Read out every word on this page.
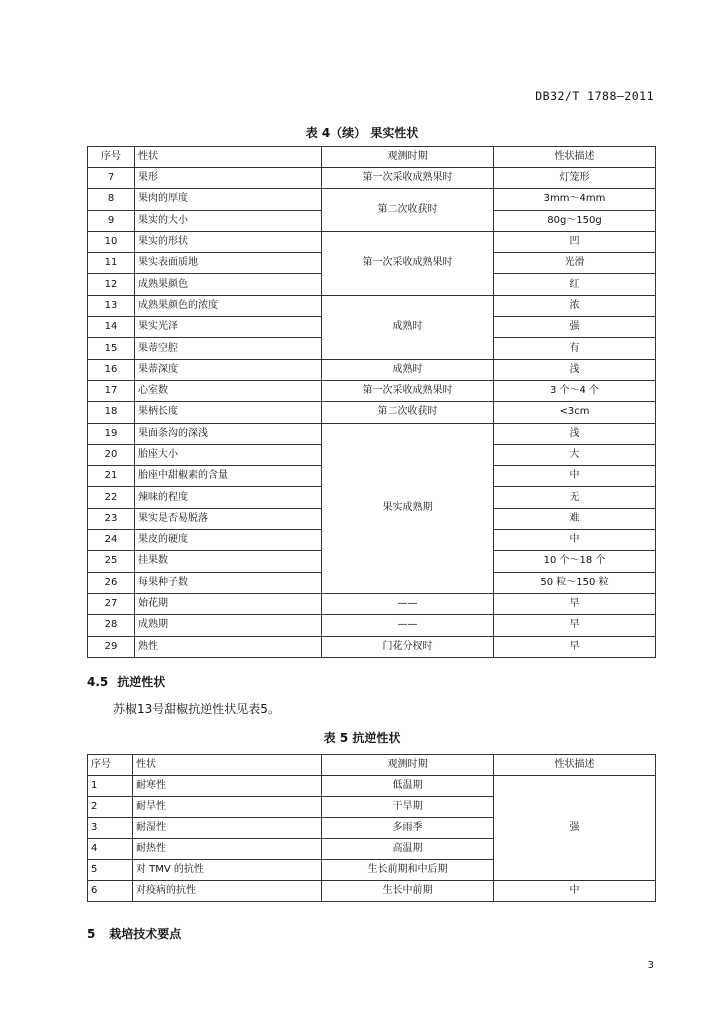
DB32/T 1788—2011
表 4（续） 果实性状
序号	性状	观测时期	性状描述
7	果形	第一次采收成熟果时	灯笼形
8	果肉的厚度	第二次收获时	3mm～4mm
9	果实的大小		80g～150g
10	果实的形状	第一次采收成熟果时	凹
11	果实表面质地		光滑
12	成熟果颜色		红
13	成熟果颜色的浓度	成熟时	浓
14	果实光泽		强
15	果蒂空腔		有
16	果蒂深度	成熟时	浅
17	心室数	第一次采收成熟果时	3 个～4 个
18	果柄长度	第二次收获时	<3cm
19	果面条沟的深浅	果实成熟期	浅
20	胎座大小		大
21	胎座中甜椒素的含量		中
22	辣味的程度		无
23	果实是否易脱落		难
24	果皮的硬度		中
25	挂果数		10 个～18 个
26	每果种子数		50 粒～150 粒
27	始花期	——	早
28	成熟期	——	早
29	熟性	门花分杈时	早
4.5 抗逆性状
苏椒13号甜椒抗逆性状见表5。
表 5 抗逆性状
序号	性状	观测时期	性状描述
1	耐寒性	低温期	强
2	耐旱性	干旱期	
3	耐湿性	多雨季	
4	耐热性	高温期	
5	对 TMV 的抗性	生长前期和中后期	
6	对疫病的抗性	生长中前期	中
5 栽培技术要点
3
